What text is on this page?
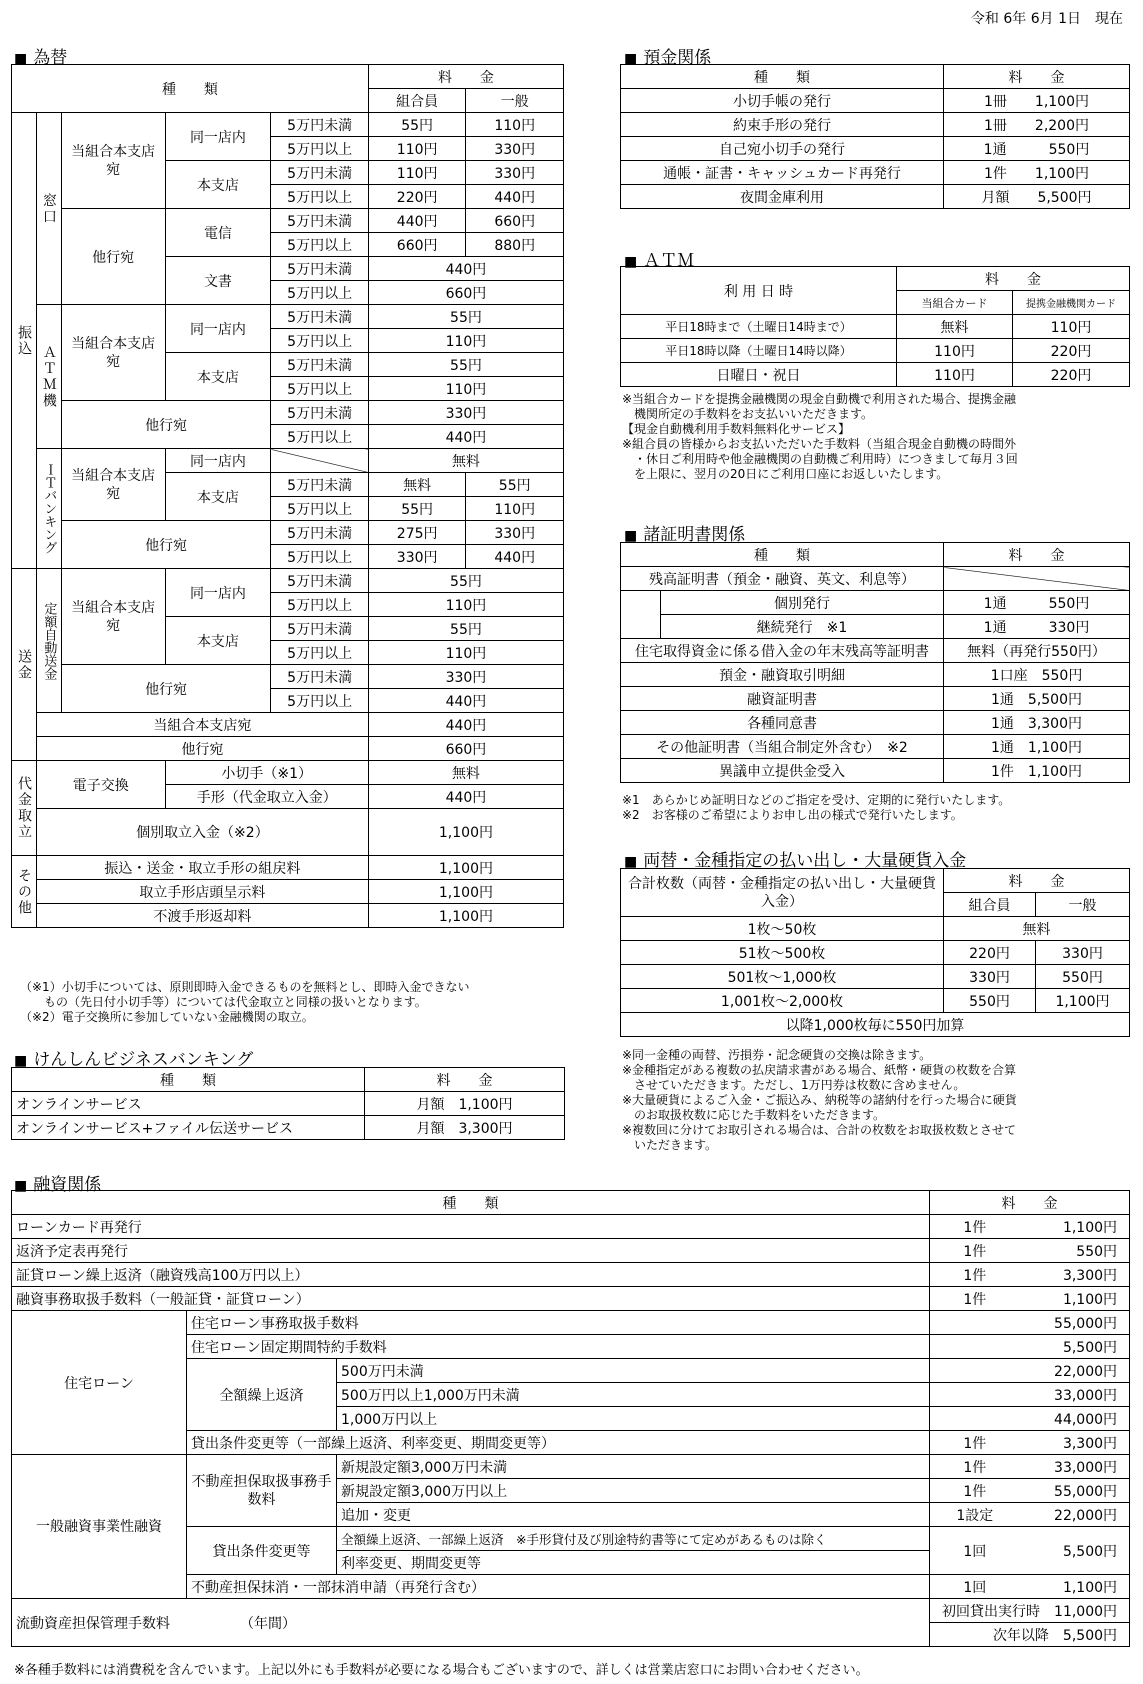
令和 6年 6月 1日　現在
■ 為替
種　　類					料　　金	
					組合員	一般
振込	窓口	当組合本支店宛	同一店内	5万円未満	55円	110円
				5万円以上	110円	330円
			本支店	5万円未満	110円	330円
				5万円以上	220円	440円
		他行宛	電信	5万円未満	440円	660円
				5万円以上	660円	880円
			文書	5万円未満	440円	
				5万円以上	660円	
	ＡＴＭ機	当組合本支店宛	同一店内	5万円未満	55円	
				5万円以上	110円	
			本支店	5万円未満	55円	
				5万円以上	110円	
		他行宛		5万円未満	330円	
				5万円以上	440円	
	ＩＴバンキング	当組合本支店宛	同一店内		無料	
			本支店	5万円未満	無料	55円
				5万円以上	55円	110円
		他行宛		5万円未満	275円	330円
				5万円以上	330円	440円
送金	定額自動送金	当組合本支店宛	同一店内	5万円未満	55円	
				5万円以上	110円	
			本支店	5万円未満	55円	
				5万円以上	110円	
		他行宛		5万円未満	330円	
				5万円以上	440円	
	当組合本支店宛				440円	
	他行宛				660円	
代金取立	電子交換		小切手（※1）		無料	
			手形（代金取立入金）		440円	
	個別取立入金（※2）				1,100円	
その他	振込・送金・取立手形の組戻料				1,100円	
	取立手形店頭呈示料				1,100円	
	不渡手形返却料				1,100円	
（※1）小切手については、原則即時入金できるものを無料とし、即時入金できない
　　もの（先日付小切手等）については代金取立と同様の扱いとなります。
（※2）電子交換所に参加していない金融機関の取立。
■ けんしんビジネスバンキング
種　　類	料　　金
オンラインサービス	月額　 1,100円
オンラインサービス+ファイル伝送サービス	月額　 3,300円
■ 預金関係
種　　類	料　　金
小切手帳の発行	1冊　　 1,100円
約束手形の発行	1冊　　 2,200円
自己宛小切手の発行	1通　　　 550円
通帳・証書・キャッシュカード再発行	1件　　 1,100円
夜間金庫利用	月額　　 5,500円
■ ＡＴＭ
利 用 日 時	料　　金	
	当組合カード	提携金融機関カード
平日18時まで（土曜日14時まで）	無料	110円
平日18時以降（土曜日14時以降）	110円	220円
日曜日・祝日	110円	220円
※当組合カードを提携金融機関の現金自動機で利用された場合、提携金融
　機関所定の手数料をお支払いいただきます。
【現金自動機利用手数料無料化サービス】
※組合員の皆様からお支払いただいた手数料（当組合現金自動機の時間外
　・休日ご利用時や他金融機関の自動機ご利用時）につきまして毎月３回
　を上限に、翌月の20日にご利用口座にお返しいたします。
■ 諸証明書関係
種　　類		料　　金
残高証明書（預金・融資、英文、利息等）		
	個別発行	1通　　　 550円
	継続発行　※1	1通　　　 330円
住宅取得資金に係る借入金の年末残高等証明書		無料（再発行550円）
預金・融資取引明細		1口座　 550円
融資証明書		1通　 5,500円
各種同意書		1通　 3,300円
その他証明書（当組合制定外含む）　※2		1通　 1,100円
異議申立提供金受入		1件　 1,100円
※1　あらかじめ証明日などのご指定を受け、定期的に発行いたします。
※2　お客様のご希望によりお申し出の様式で発行いたします。
■ 両替・金種指定の払い出し・大量硬貨入金
合計枚数（両替・金種指定の払い出し・大量硬貨入金）	料　　金	
	組合員	一般
1枚～50枚	無料	
51枚～500枚	220円	330円
501枚～1,000枚	330円	550円
1,001枚～2,000枚	550円	1,100円
以降1,000枚毎に550円加算		
※同一金種の両替、汚損券・記念硬貨の交換は除きます。
※金種指定がある複数の払戻請求書がある場合、紙幣・硬貨の枚数を合算
　させていただきます。ただし、1万円券は枚数に含めません。
※大量硬貨によるご入金・ご振込み、納税等の諸納付を行った場合に硬貨
　のお取扱枚数に応じた手数料をいただきます。
※複数回に分けてお取引される場合は、合計の枚数をお取扱枚数とさせて
　いただきます。
■ 融資関係
種　　類			料　　金	
ローンカード再発行			1件	1,100円
返済予定表再発行			1件	550円
証貸ローン繰上返済（融資残高100万円以上）			1件	3,300円
融資事務取扱手数料（一般証貸・証貸ローン）			1件	1,100円
住宅ローン	住宅ローン事務取扱手数料		55,000円	
	住宅ローン固定期間特約手数料		5,500円	
	全額繰上返済	500万円未満	22,000円	
		500万円以上1,000万円未満	33,000円	
		1,000万円以上	44,000円	
	貸出条件変更等（一部繰上返済、利率変更、期間変更等）		1件	3,300円
一般融資事業性融資	不動産担保取扱事務手数料	新規設定額3,000万円未満	1件	33,000円
		新規設定額3,000万円以上	1件	55,000円
		追加・変更	1設定	22,000円
	貸出条件変更等	全額繰上返済、一部繰上返済　※手形貸付及び別途特約書等にて定めがあるものは除く	1回	5,500円
		利率変更、期間変更等		
	不動産担保抹消・一部抹消申請（再発行含む）		1回	1,100円
流動資産担保管理手数料 （年間）			初回貸出実行時　11,000円	
			次年以降　5,500円	
※各種手数料には消費税を含んでいます。上記以外にも手数料が必要になる場合もございますので、詳しくは営業店窓口にお問い合わせください。
